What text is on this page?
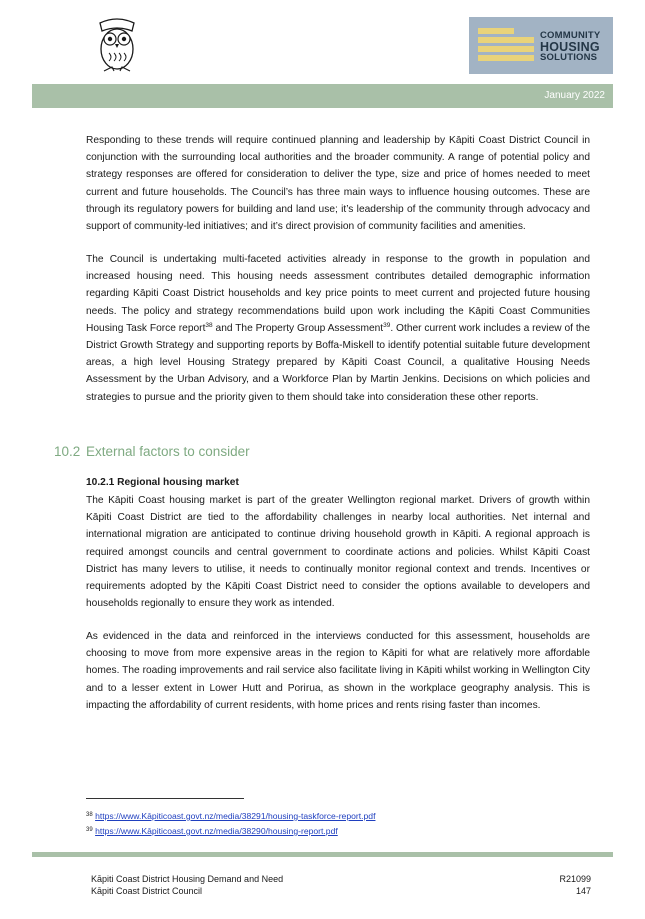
COMMUNITY
HOUSING
SOLUTIONS
January 2022

Responding to these trends will require continued planning and leadership by Kāpiti Coast District Council in conjunction with the surrounding local authorities and the broader community. A range of potential policy and strategy responses are offered for consideration to deliver the type, size and price of homes needed to meet current and future households. The Council’s has three main ways to influence housing outcomes. These are through its regulatory powers for building and land use; it’s leadership of the community through advocacy and support of community-led initiatives; and it’s direct provision of community facilities and amenities.

The Council is undertaking multi-faceted activities already in response to the growth in population and increased housing need. This housing needs assessment contributes detailed demographic information regarding Kāpiti Coast District households and key price points to meet current and projected future housing needs. The policy and strategy recommendations build upon work including the Kāpiti Coast Communities Housing Task Force report$^{38}$ and The Property Group Assessment$^{39}$. Other current work includes a review of the District Growth Strategy and supporting reports by Boffa-Miskell to identify potential suitable future development areas, a high level Housing Strategy prepared by Kāpiti Coast Council, a qualitative Housing Needs Assessment by the Urban Advisory, and a Workforce Plan by Martin Jenkins. Decisions on which policies and strategies to pursue and the priority given to them should take into consideration these other reports.

10.2 External factors to consider
10.2.1 Regional housing market

The Kāpiti Coast housing market is part of the greater Wellington regional market. Drivers of growth within Kāpiti Coast District are tied to the affordability challenges in nearby local authorities. Net internal and international migration are anticipated to continue driving household growth in Kāpiti. A regional approach is required amongst councils and central government to coordinate actions and policies. Whilst Kāpiti Coast District has many levers to utilise, it needs to continually monitor regional context and trends. Incentives or requirements adopted by the Kāpiti Coast District need to consider the options available to developers and households regionally to ensure they work as intended.

As evidenced in the data and reinforced in the interviews conducted for this assessment, households are choosing to move from more expensive areas in the region to Kāpiti for what are relatively more affordable homes. The roading improvements and rail service also facilitate living in Kāpiti whilst working in Wellington City and to a lesser extent in Lower Hutt and Porirua, as shown in the workplace geography analysis. This is impacting the affordability of current residents, with home prices and rents rising faster than incomes.

$^{38}$ https://www.Kāpiticoast.govt.nz/media/38291/housing-taskforce-report.pdf
$^{39}$ https://www.Kāpiticoast.govt.nz/media/38290/housing-report.pdf
Kāpiti Coast District Housing Demand and Need
Kāpiti Coast District Council
R21099
147
